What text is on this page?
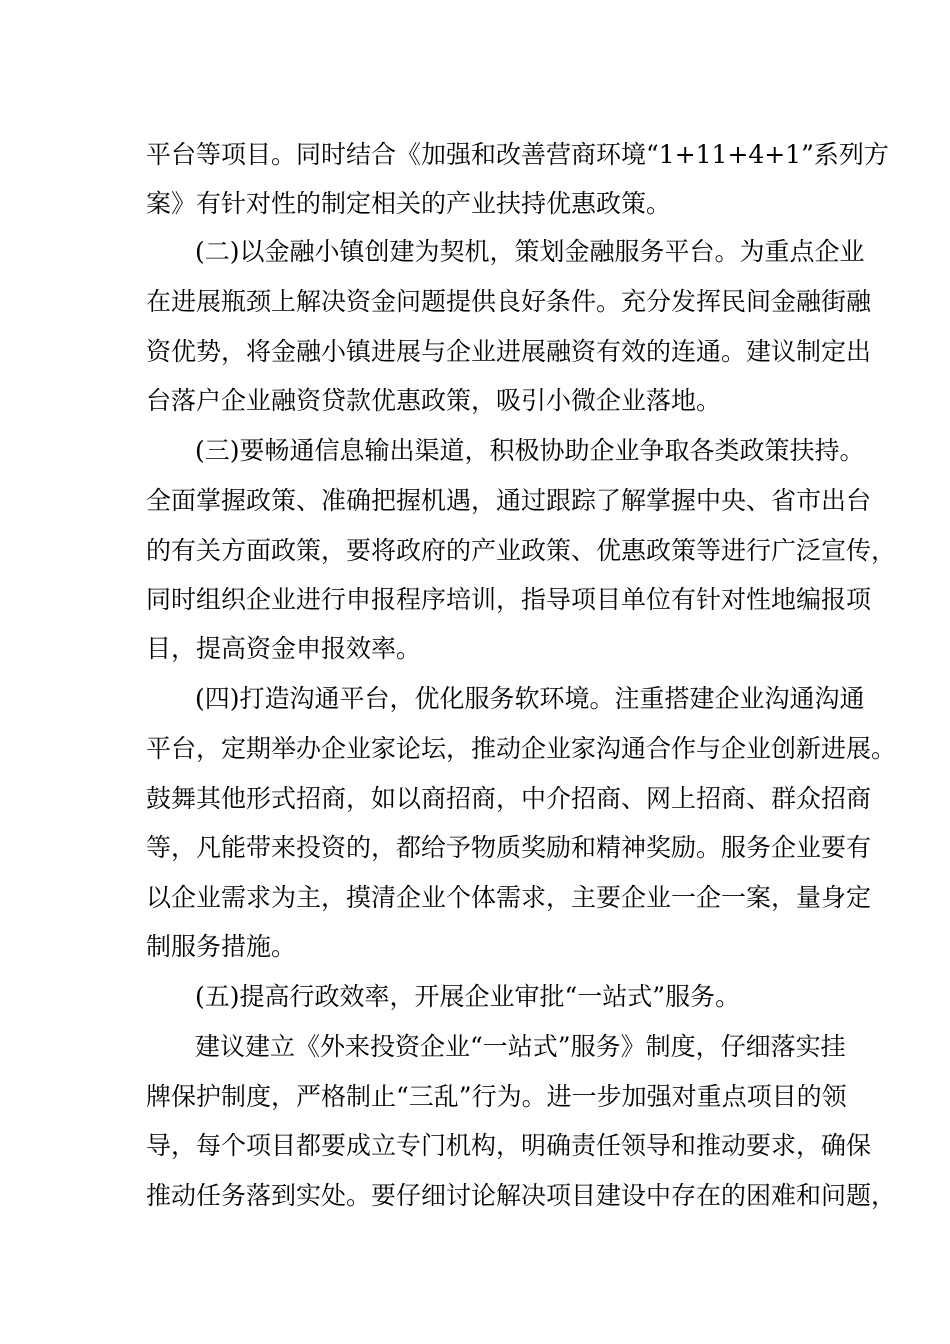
平台等项目。同时结合《加强和改善营商环境“1+11+4+1”系列方
案》有针对性的制定相关的产业扶持优惠政策。
(二)以金融小镇创建为契机，策划金融服务平台。为重点企业
在进展瓶颈上解决资金问题提供良好条件。充分发挥民间金融街融
资优势，将金融小镇进展与企业进展融资有效的连通。建议制定出
台落户企业融资贷款优惠政策，吸引小微企业落地。
(三)要畅通信息输出渠道，积极协助企业争取各类政策扶持。
全面掌握政策、准确把握机遇，通过跟踪了解掌握中央、省市出台
的有关方面政策，要将政府的产业政策、优惠政策等进行广泛宣传，
同时组织企业进行申报程序培训，指导项目单位有针对性地编报项
目，提高资金申报效率。
(四)打造沟通平台，优化服务软环境。注重搭建企业沟通沟通
平台，定期举办企业家论坛，推动企业家沟通合作与企业创新进展。
鼓舞其他形式招商，如以商招商，中介招商、网上招商、群众招商
等，凡能带来投资的，都给予物质奖励和精神奖励。服务企业要有
以企业需求为主，摸清企业个体需求，主要企业一企一案，量身定
制服务措施。
(五)提高行政效率，开展企业审批“一站式”服务。
建议建立《外来投资企业“一站式”服务》制度，仔细落实挂
牌保护制度，严格制止“三乱”行为。进一步加强对重点项目的领
导，每个项目都要成立专门机构，明确责任领导和推动要求，确保
推动任务落到实处。要仔细讨论解决项目建设中存在的困难和问题，
